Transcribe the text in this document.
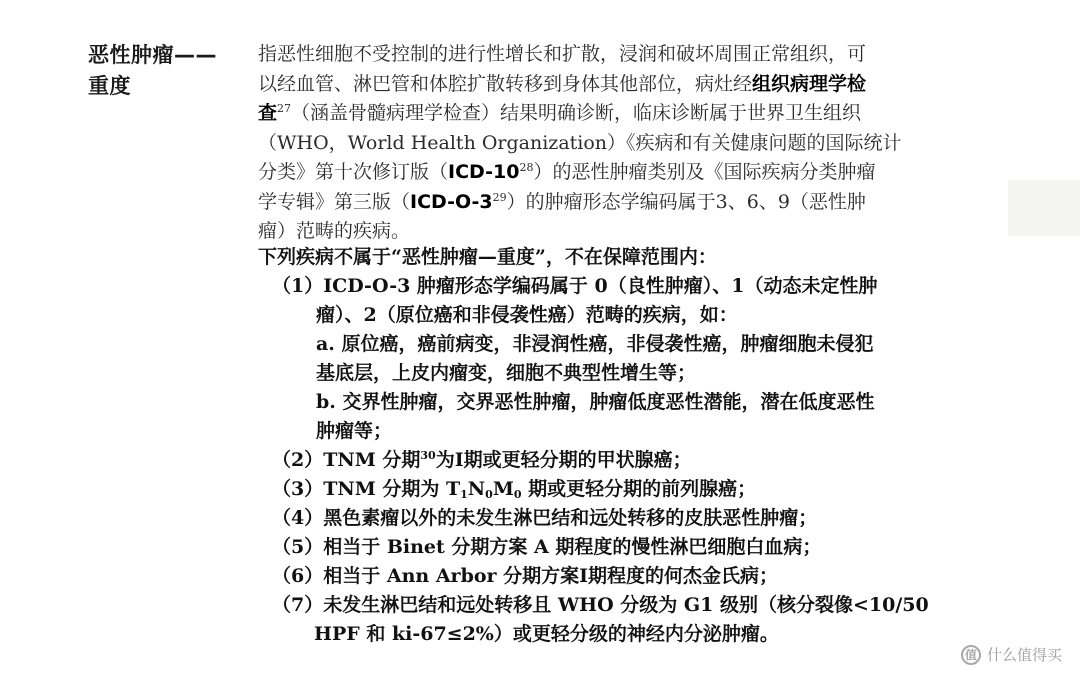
恶性肿瘤——
重度
指恶性细胞不受控制的进行性增长和扩散，浸润和破坏周围正常组织，可
以经血管、淋巴管和体腔扩散转移到身体其他部位，病灶经组织病理学检
查$^{27}$（涵盖骨髓病理学检查）结果明确诊断，临床诊断属于世界卫生组织
（WHO，World Health Organization）《疾病和有关健康问题的国际统计
分类》第十次修订版$(ICD-10^{28})$的恶性肿瘤类别及《国际疾病分类肿瘤
学专辑》第三版$(ICD-O-3^{29})$的肿瘤形态学编码属于3、6、9（恶性肿
瘤）范畴的疾病。
下列疾病不属于“恶性肿瘤—重度”，不在保障范围内：
（1）ICD-O-3 肿瘤形态学编码属于 0（良性肿瘤）、1（动态未定性肿
瘤）、2（原位癌和非侵袭性癌）范畴的疾病，如：
a. 原位癌，癌前病变，非浸润性癌，非侵袭性癌，肿瘤细胞未侵犯
基底层，上皮内瘤变，细胞不典型性增生等；
b. 交界性肿瘤，交界恶性肿瘤，肿瘤低度恶性潜能，潜在低度恶性
肿瘤等；
（2）TNM 分期$^{30}$为Ⅰ期或更轻分期的甲状腺癌；
（3）TNM 分期为 $T_1N_0M_0$ 期或更轻分期的前列腺癌；
（4）黑色素瘤以外的未发生淋巴结和远处转移的皮肤恶性肿瘤；
（5）相当于 Binet 分期方案 A 期程度的慢性淋巴细胞白血病；
（6）相当于 Ann Arbor 分期方案Ⅰ期程度的何杰金氏病；
（7）未发生淋巴结和远处转移且 WHO 分级为 G1 级别（核分裂像<10/50
HPF 和 ki-67≤2%）或更轻分级的神经内分泌肿瘤。
值 什么值得买
